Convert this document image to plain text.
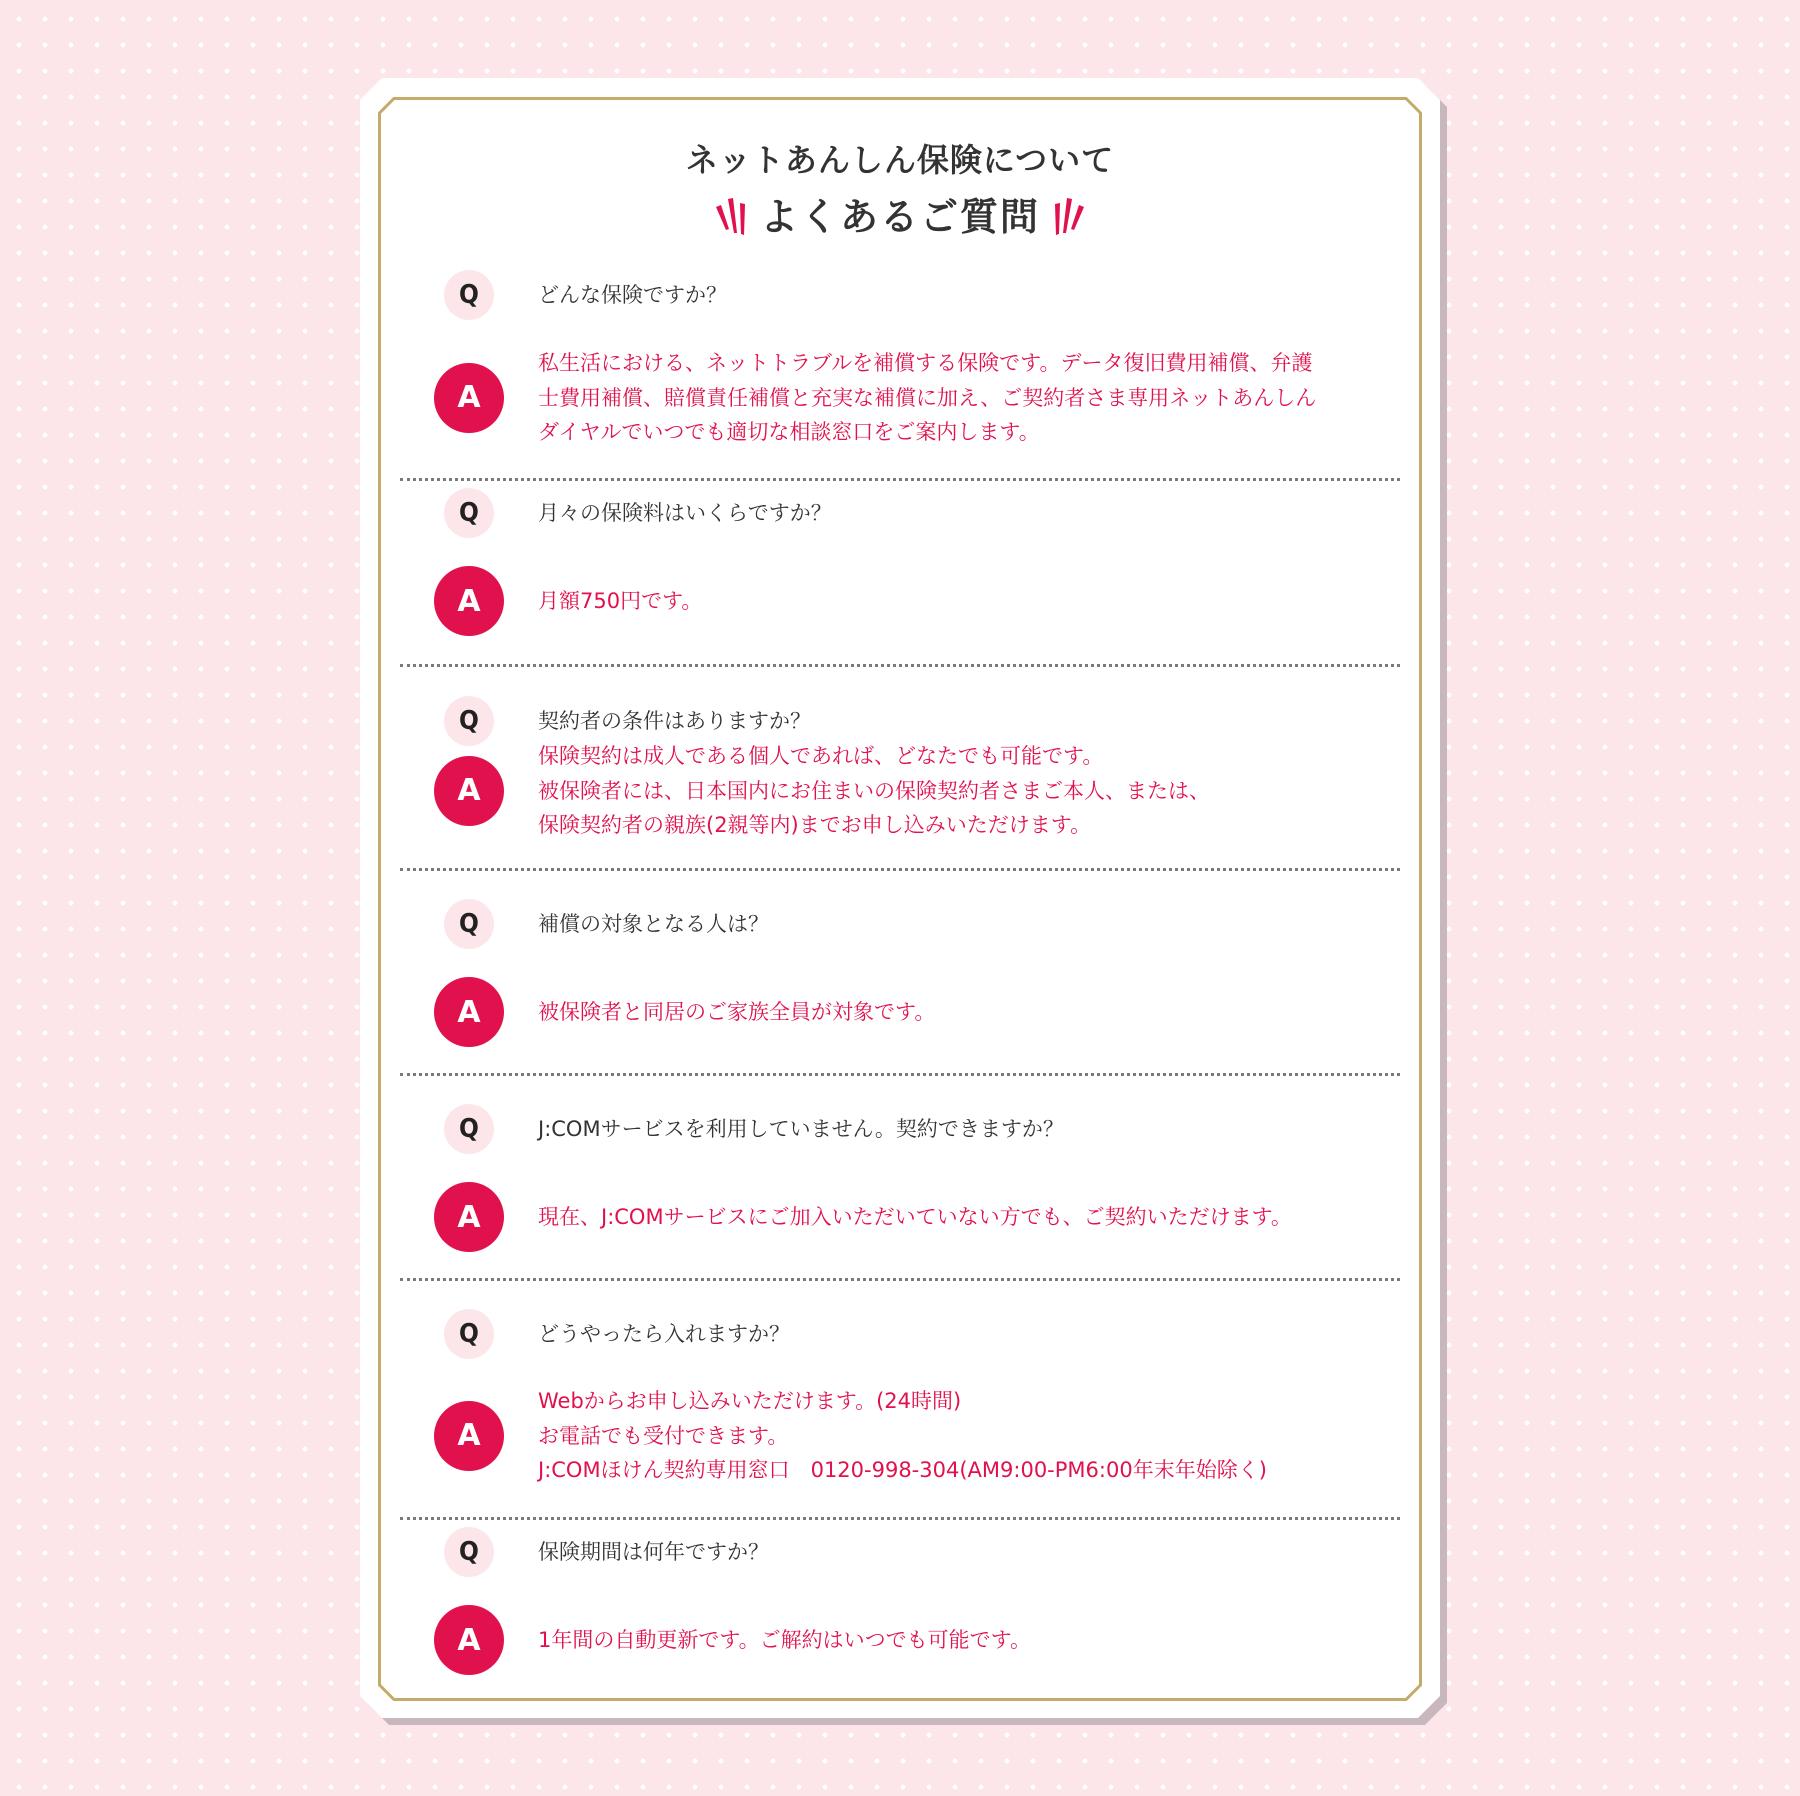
ネットあんしん保険について
よくあるご質問
Q	どんな保険ですか？
A
私生活における、ネットトラブルを補償する保険です。データ復旧費用補償、弁護
士費用補償、賠償責任補償と充実な補償に加え、ご契約者さま専用ネットあんしん
ダイヤルでいつでも適切な相談窓口をご案内します。
Q	月々の保険料はいくらですか？
A	月額750円です。
Q	契約者の条件はありますか？
A
保険契約は成人である個人であれば、どなたでも可能です。
被保険者には、日本国内にお住まいの保険契約者さまご本人、または、
保険契約者の親族(2親等内)までお申し込みいただけます。
Q	補償の対象となる人は？
A	被保険者と同居のご家族全員が対象です。
Q	J:COMサービスを利用していません。契約できますか？
A	現在、J:COMサービスにご加入いただいていない方でも、ご契約いただけます。
Q	どうやったら入れますか？
A
Webからお申し込みいただけます。(24時間)
お電話でも受付できます。
J:COMほけん契約専用窓口　0120-998-304(AM9:00-PM6:00年末年始除く)
Q	保険期間は何年ですか？
A	1年間の自動更新です。ご解約はいつでも可能です。
